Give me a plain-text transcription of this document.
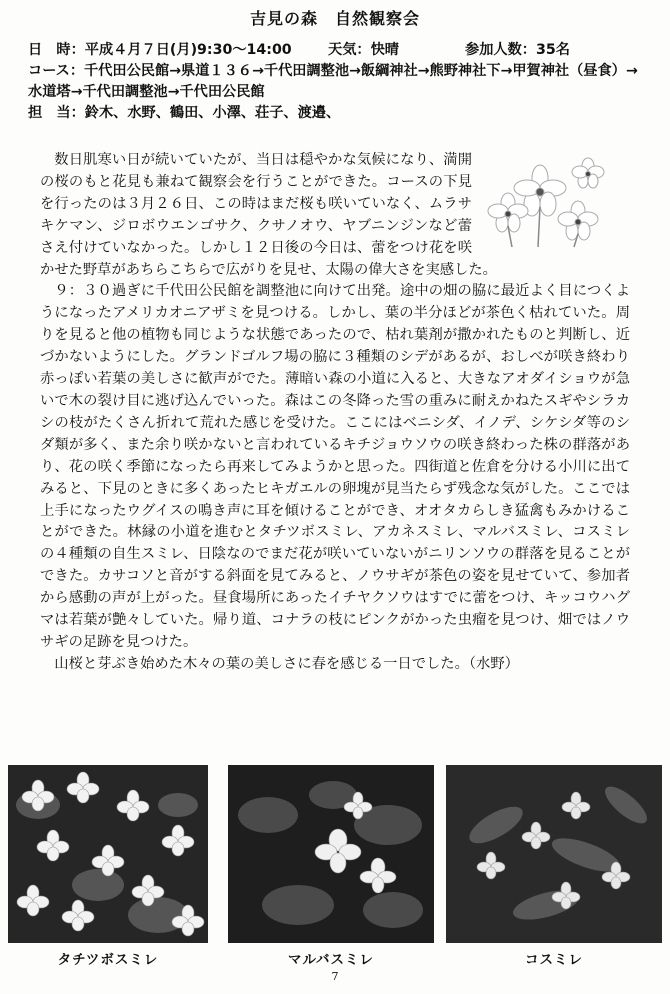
吉見の森　自然観察会
日　時：平成４月７日(月)9:30～14:00	天気：快晴	参加人数：35名
コース：千代田公民館→県道１３６→千代田調整池→飯綱神社→熊野神社下→甲賀神社（昼食）→水道塔→千代田調整池→千代田公民館
担　当：鈴木、水野、鶴田、小澤、荘子、渡邉、

数日肌寒い日が続いていたが、当日は穏やかな気候になり、満開の桜のもと花見も兼ねて観察会を行うことができた。コースの下見を行ったのは３月２６日、この時はまだ桜も咲いていなく、ムラサキケマン、ジロボウエンゴサク、クサノオウ、ヤブニンジンなど蕾さえ付けていなかった。しかし１２日後の今日は、蕾をつけ花を咲かせた野草があちらこちらで広がりを見せ、太陽の偉大さを実感した。

９：３０過ぎに千代田公民館を調整池に向けて出発。途中の畑の脇に最近よく目につくようになったアメリカオニアザミを見つける。しかし、葉の半分ほどが茶色く枯れていた。周りを見ると他の植物も同じような状態であったので、枯れ葉剤が撒かれたものと判断し、近づかないようにした。グランドゴルフ場の脇に３種類のシデがあるが、おしべが咲き終わり赤っぽい若葉の美しさに歓声がでた。薄暗い森の小道に入ると、大きなアオダイショウが急いで木の裂け目に逃げ込んでいった。森はこの冬降った雪の重みに耐えかねたスギやシラカシの枝がたくさん折れて荒れた感じを受けた。ここにはベニシダ、イノデ、シケシダ等のシダ類が多く、また余り咲かないと言われているキチジョウソウの咲き終わった株の群落があり、花の咲く季節になったら再来してみようかと思った。四街道と佐倉を分ける小川に出てみると、下見のときに多くあったヒキガエルの卵塊が見当たらず残念な気がした。ここでは上手になったウグイスの鳴き声に耳を傾けることができ、オオタカらしき猛禽もみかけることができた。林縁の小道を進むとタチツボスミレ、アカネスミレ、マルバスミレ、コスミレの４種類の自生スミレ、日陰なのでまだ花が咲いていないがニリンソウの群落を見ることができた。カサコソと音がする斜面を見てみると、ノウサギが茶色の姿を見せていて、参加者から感動の声が上がった。昼食場所にあったイチヤクソウはすでに蕾をつけ、キッコウハグマは若葉が艶々していた。帰り道、コナラの枝にピンクがかった虫瘤を見つけ、畑ではノウサギの足跡を見つけた。

山桜と芽ぶき始めた木々の葉の美しさに春を感じる一日でした。（水野）

タチツボスミレ	マルバスミレ	コスミレ
7
